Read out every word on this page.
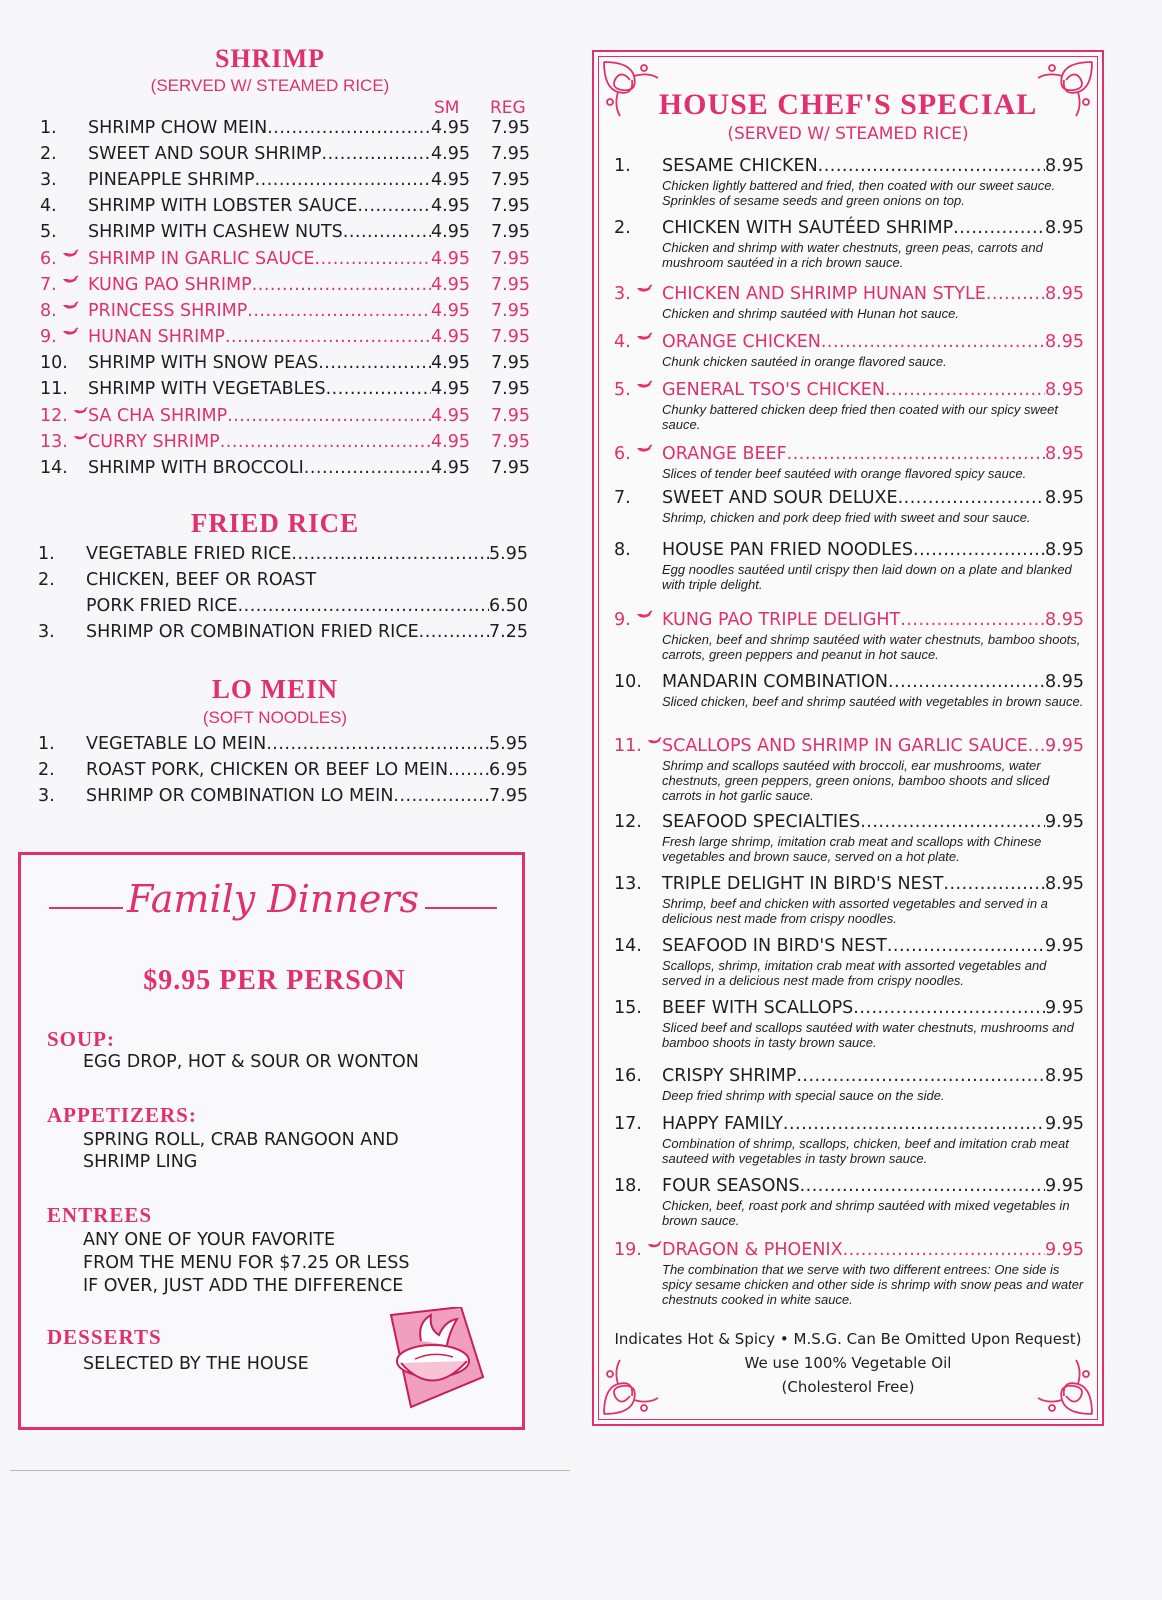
SHRIMP
(SERVED W/ STEAMED RICE)
SM REG
1.	SHRIMP CHOW MEIN .....	4.95	7.95
2.	SWEET AND SOUR SHRIMP .....	4.95	7.95
3.	PINEAPPLE SHRIMP .....	4.95	7.95
4.	SHRIMP WITH LOBSTER SAUCE .....	4.95	7.95
5.	SHRIMP WITH CASHEW NUTS .....	4.95	7.95
6.	SHRIMP IN GARLIC SAUCE .....	4.95	7.95
7.	KUNG PAO SHRIMP .....	4.95	7.95
8.	PRINCESS SHRIMP .....	4.95	7.95
9.	HUNAN SHRIMP .....	4.95	7.95
10.	SHRIMP WITH SNOW PEAS .....	4.95	7.95
11.	SHRIMP WITH VEGETABLES .....	4.95	7.95
12.	SA CHA SHRIMP .....	4.95	7.95
13.	CURRY SHRIMP .....	4.95	7.95
14.	SHRIMP WITH BROCCOLI .....	4.95	7.95
FRIED RICE
1.	VEGETABLE FRIED RICE .....	5.95
2.	CHICKEN, BEEF OR ROAST
PORK FRIED RICE .....	6.50
3.	SHRIMP OR COMBINATION FRIED RICE .....	7.25
LO MEIN
(SOFT NOODLES)
1.	VEGETABLE LO MEIN .....	5.95
2.	ROAST PORK, CHICKEN OR BEEF LO MEIN ..... 6.95
3.	SHRIMP OR COMBINATION LO MEIN .....	7.95
Family Dinners
$9.95 PER PERSON
SOUP:
EGG DROP, HOT & SOUR OR WONTON
APPETIZERS:
SPRING ROLL, CRAB RANGOON AND
SHRIMP LING
ENTREES
ANY ONE OF YOUR FAVORITE
FROM THE MENU FOR $7.25 OR LESS
IF OVER, JUST ADD THE DIFFERENCE
DESSERTS
SELECTED BY THE HOUSE
HOUSE CHEF'S SPECIAL
(SERVED W/ STEAMED RICE)
1.	SESAME CHICKEN .....	8.95
Chicken lightly battered and fried, then coated with our sweet sauce. Sprinkles of sesame seeds and green onions on top.
2.	CHICKEN WITH SAUTÉED SHRIMP .....	8.95
Chicken and shrimp with water chestnuts, green peas, carrots and mushroom sautéed in a rich brown sauce.
3.	CHICKEN AND SHRIMP HUNAN STYLE .....	8.95
Chicken and shrimp sautéed with Hunan hot sauce.
4.	ORANGE CHICKEN .....	8.95
Chunk chicken sautéed in orange flavored sauce.
5.	GENERAL TSO'S CHICKEN .....	8.95
Chunky battered chicken deep fried then coated with our spicy sweet sauce.
6.	ORANGE BEEF .....	8.95
Slices of tender beef sautéed with orange flavored spicy sauce.
7.	SWEET AND SOUR DELUXE .....	8.95
Shrimp, chicken and pork deep fried with sweet and sour sauce.
8.	HOUSE PAN FRIED NOODLES .....	8.95
Egg noodles sautéed until crispy then laid down on a plate and blanked with triple delight.
9.	KUNG PAO TRIPLE DELIGHT .....	8.95
Chicken, beef and shrimp sautéed with water chestnuts, bamboo shoots, carrots, green peppers and peanut in hot sauce.
10.	MANDARIN COMBINATION .....	8.95
Sliced chicken, beef and shrimp sautéed with vegetables in brown sauce.
11.	SCALLOPS AND SHRIMP IN GARLIC SAUCE ..... 9.95
Shrimp and scallops sautéed with broccoli, ear mushrooms, water chestnuts, green peppers, green onions, bamboo shoots and sliced carrots in hot garlic sauce.
12.	SEAFOOD SPECIALTIES .....	9.95
Fresh large shrimp, imitation crab meat and scallops with Chinese vegetables and brown sauce, served on a hot plate.
13.	TRIPLE DELIGHT IN BIRD'S NEST .....	8.95
Shrimp, beef and chicken with assorted vegetables and served in a delicious nest made from crispy noodles.
14.	SEAFOOD IN BIRD'S NEST .....	9.95
Scallops, shrimp, imitation crab meat with assorted vegetables and served in a delicious nest made from crispy noodles.
15.	BEEF WITH SCALLOPS .....	9.95
Sliced beef and scallops sautéed with water chestnuts, mushrooms and bamboo shoots in tasty brown sauce.
16.	CRISPY SHRIMP .....	8.95
Deep fried shrimp with special sauce on the side.
17.	HAPPY FAMILY .....	9.95
Combination of shrimp, scallops, chicken, beef and imitation crab meat sauteed with vegetables in tasty brown sauce.
18.	FOUR SEASONS .....	9.95
Chicken, beef, roast pork and shrimp sautéed with mixed vegetables in brown sauce.
19.	DRAGON & PHOENIX .....	9.95
The combination that we serve with two different entrees: One side is spicy sesame chicken and other side is shrimp with snow peas and water chestnuts cooked in white sauce.
Indicates Hot & Spicy • M.S.G. Can Be Omitted Upon Request)
We use 100% Vegetable Oil
(Cholesterol Free)
